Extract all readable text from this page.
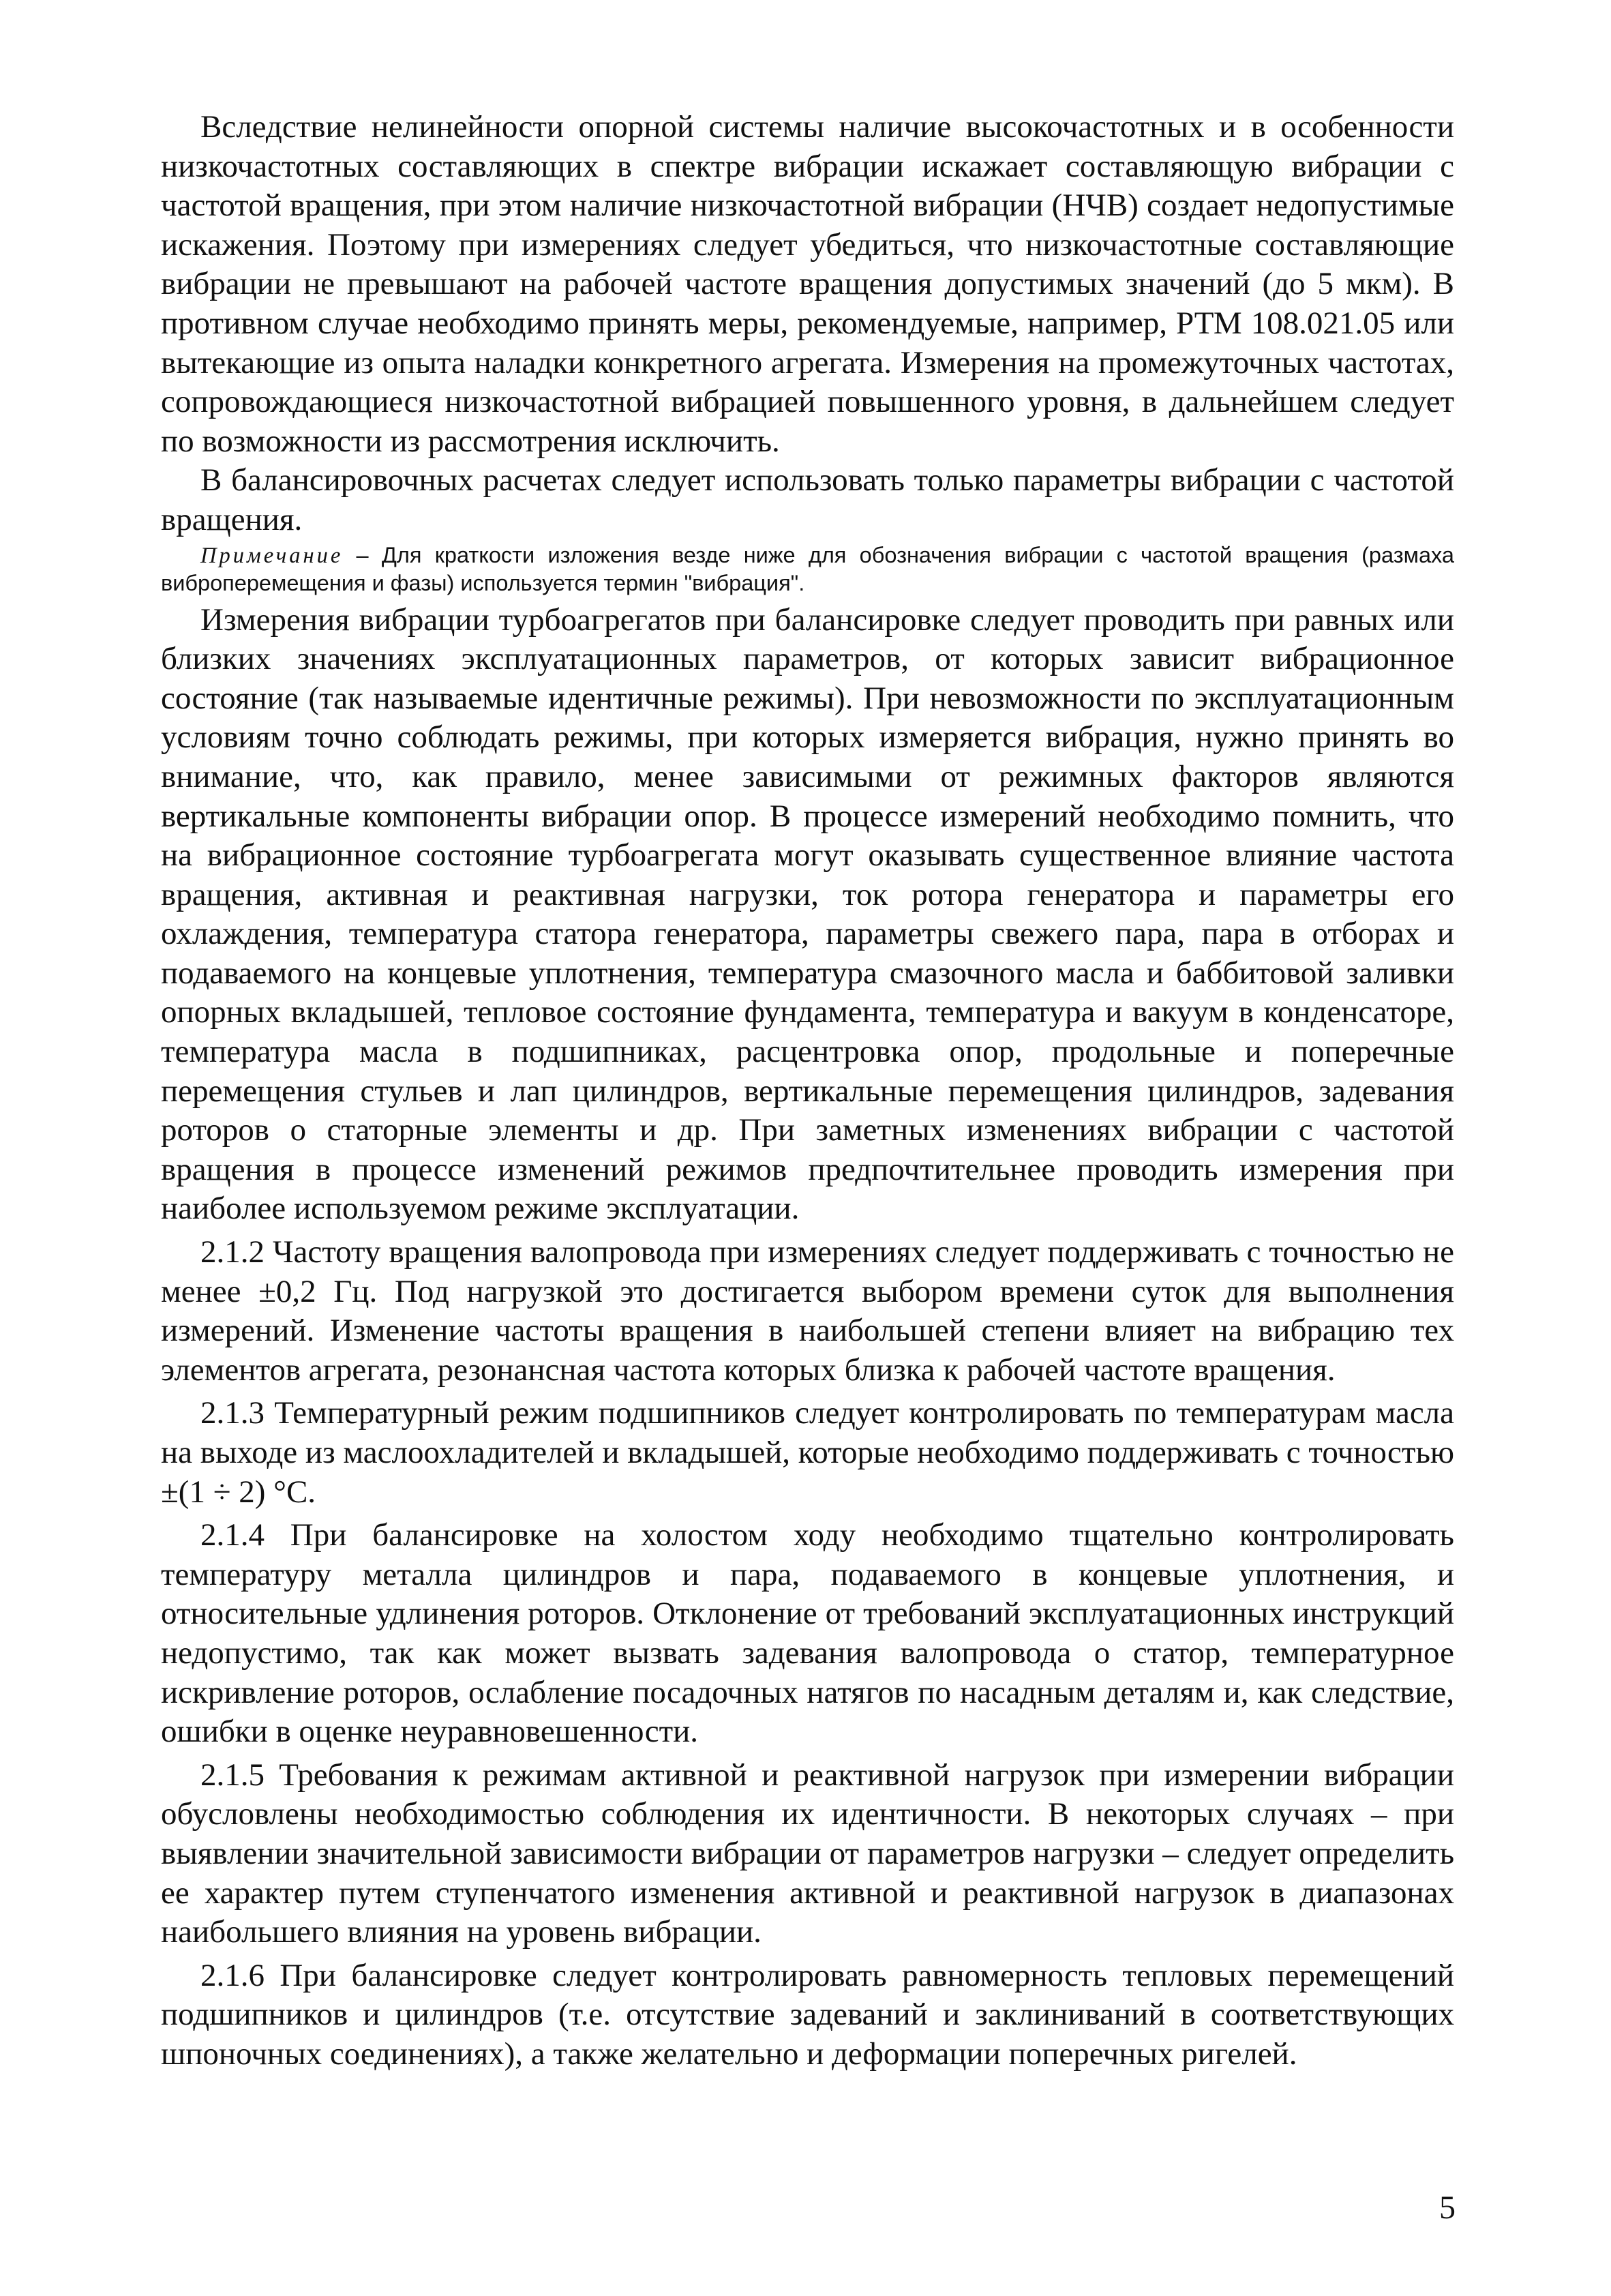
Вследствие нелинейности опорной системы наличие высокочастотных и в особенности низкочастотных составляющих в спектре вибрации искажает составляющую вибрации с частотой вращения, при этом наличие низкочастотной вибрации (НЧВ) создает недопустимые искажения. Поэтому при измерениях следует убедиться, что низкочастотные составляющие вибрации не превышают на рабочей частоте вращения допустимых значений (до 5 мкм). В противном случае необходимо принять меры, рекомендуемые, например, РТМ 108.021.05 или вытекающие из опыта наладки конкретного агрегата. Измерения на промежуточных частотах, сопровождающиеся низкочастотной вибрацией повышенного уровня, в дальнейшем следует по возможности из рассмотрения исключить.

В балансировочных расчетах следует использовать только параметры вибрации с частотой вращения.

Примечание – Для краткости изложения везде ниже для обозначения вибрации с частотой вращения (размаха виброперемещения и фазы) используется термин "вибрация".

Измерения вибрации турбоагрегатов при балансировке следует проводить при равных или близких значениях эксплуатационных параметров, от которых зависит вибрационное состояние (так называемые идентичные режимы). При невозможности по эксплуатационным условиям точно соблюдать режимы, при которых измеряется вибрация, нужно принять во внимание, что, как правило, менее зависимыми от режимных факторов являются вертикальные компоненты вибрации опор. В процессе измерений необходимо помнить, что на вибрационное состояние турбоагрегата могут оказывать существенное влияние частота вращения, активная и реактивная нагрузки, ток ротора генератора и параметры его охлаждения, температура статора генератора, параметры свежего пара, пара в отборах и подаваемого на концевые уплотнения, температура смазочного масла и баббитовой заливки опорных вкладышей, тепловое состояние фундамента, температура и вакуум в конденсаторе, температура масла в подшипниках, расцентровка опор, продольные и поперечные перемещения стульев и лап цилиндров, вертикальные перемещения цилиндров, задевания роторов о статорные элементы и др. При заметных изменениях вибрации с частотой вращения в процессе изменений режимов предпочтительнее проводить измерения при наиболее используемом режиме эксплуатации.

2.1.2 Частоту вращения валопровода при измерениях следует поддерживать с точностью не менее ±0,2 Гц. Под нагрузкой это достигается выбором времени суток для выполнения измерений. Изменение частоты вращения в наибольшей степени влияет на вибрацию тех элементов агрегата, резонансная частота которых близка к рабочей частоте вращения.

2.1.3 Температурный режим подшипников следует контролировать по температурам масла на выходе из маслоохладителей и вкладышей, которые необходимо поддерживать с точностью ±(1 ÷ 2) °С.

2.1.4 При балансировке на холостом ходу необходимо тщательно контролировать температуру металла цилиндров и пара, подаваемого в концевые уплотнения, и относительные удлинения роторов. Отклонение от требований эксплуатационных инструкций недопустимо, так как может вызвать задевания валопровода о статор, температурное искривление роторов, ослабление посадочных натягов по насадным деталям и, как следствие, ошибки в оценке неуравновешенности.

2.1.5 Требования к режимам активной и реактивной нагрузок при измерении вибрации обусловлены необходимостью соблюдения их идентичности. В некоторых случаях – при выявлении значительной зависимости вибрации от параметров нагрузки – следует определить ее характер путем ступенчатого изменения активной и реактивной нагрузок в диапазонах наибольшего влияния на уровень вибрации.

2.1.6 При балансировке следует контролировать равномерность тепловых перемещений подшипников и цилиндров (т.е. отсутствие задеваний и заклиниваний в соответствующих шпоночных соединениях), а также желательно и деформации поперечных ригелей.

5
